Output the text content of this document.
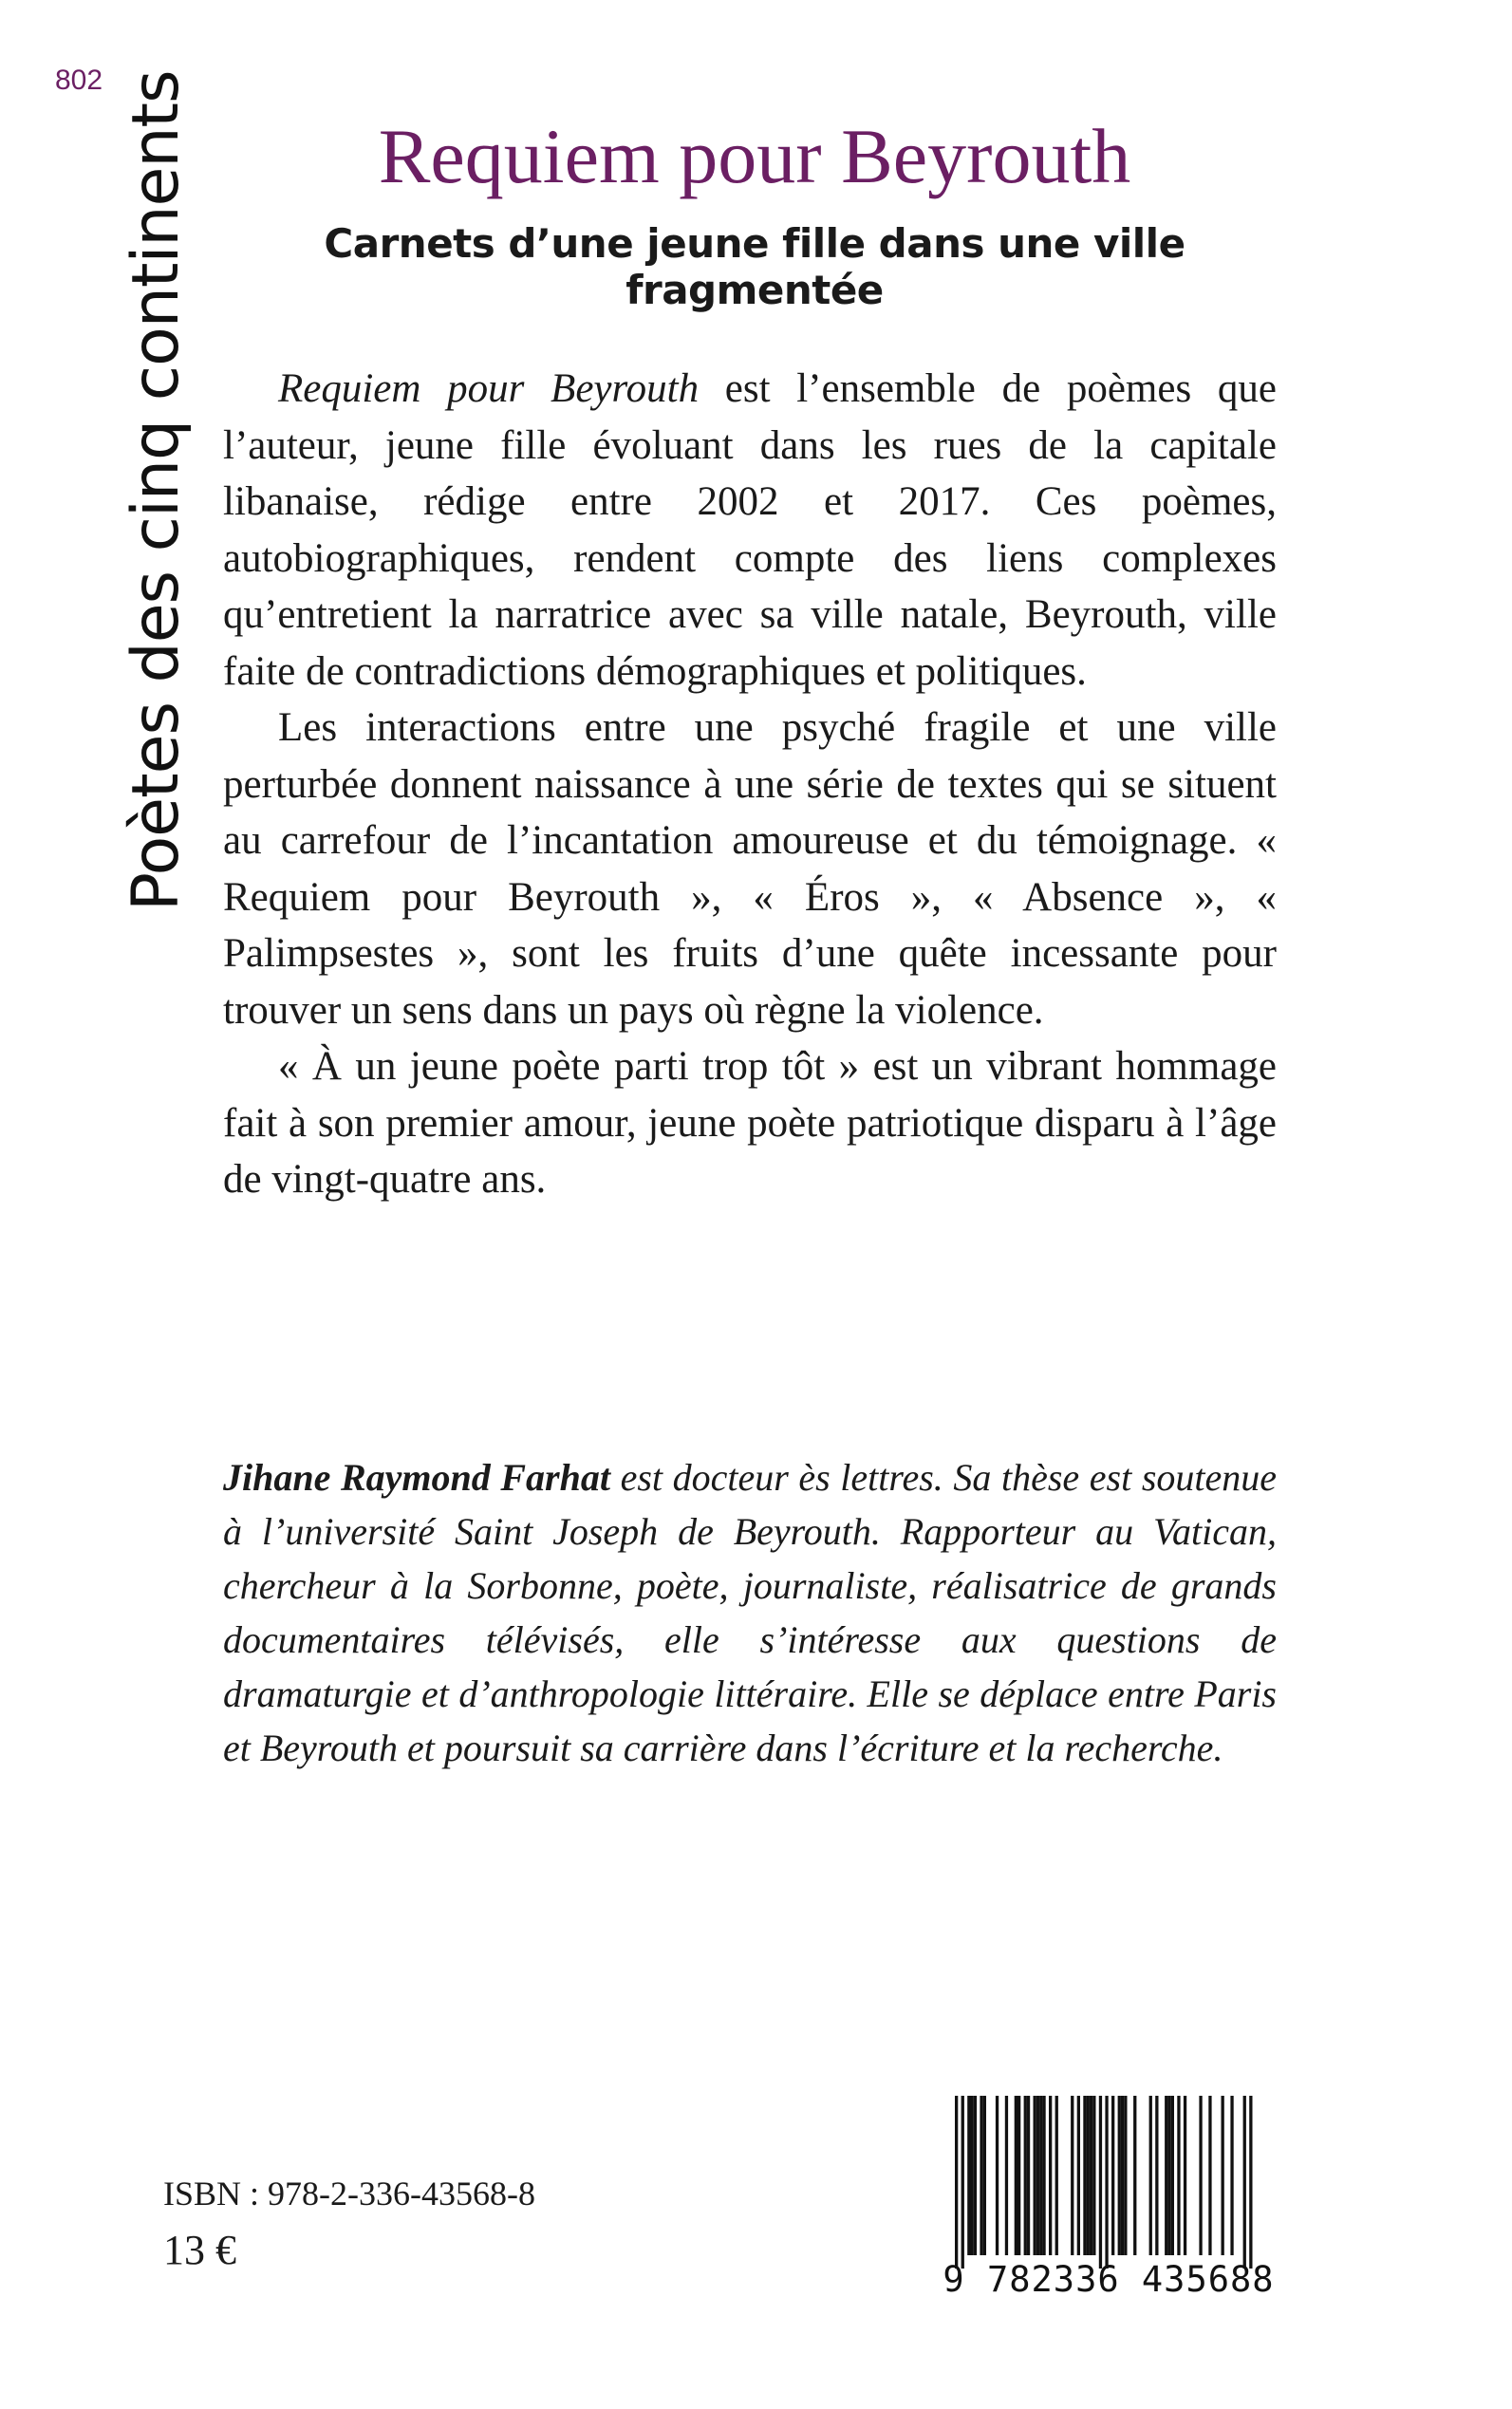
802 Poètes des cinq continents	Requiem pour Beyrouth
Carnets d’une jeune fille dans une ville fragmentée

Requiem pour Beyrouth est l’ensemble de poèmes que l’auteur, jeune fille évoluant dans les rues de la capitale libanaise, rédige entre 2002 et 2017. Ces poèmes, autobiographiques, rendent compte des liens complexes qu’entretient la narratrice avec sa ville natale, Beyrouth, ville faite de contradictions démographiques et politiques.

Les interactions entre une psyché fragile et une ville perturbée donnent naissance à une série de textes qui se situent au carrefour de l’incantation amoureuse et du témoignage. « Requiem pour Beyrouth », « Éros », « Absence », « Palimpsestes », sont les fruits d’une quête incessante pour trouver un sens dans un pays où règne la violence.

« À un jeune poète parti trop tôt » est un vibrant hommage fait à son premier amour, jeune poète patriotique disparu à l’âge de vingt-quatre ans.

Jihane Raymond Farhat est docteur ès lettres. Sa thèse est soutenue à l’université Saint Joseph de Beyrouth. Rapporteur au Vatican, chercheur à la Sorbonne, poète, journaliste, réalisatrice de grands documentaires télévisés, elle s’intéresse aux questions de dramaturgie et d’anthropologie littéraire. Elle se déplace entre Paris et Beyrouth et poursuit sa carrière dans l’écriture et la recherche.

ISBN : 978-2-336-43568-8

13 €

9 782336 435688
